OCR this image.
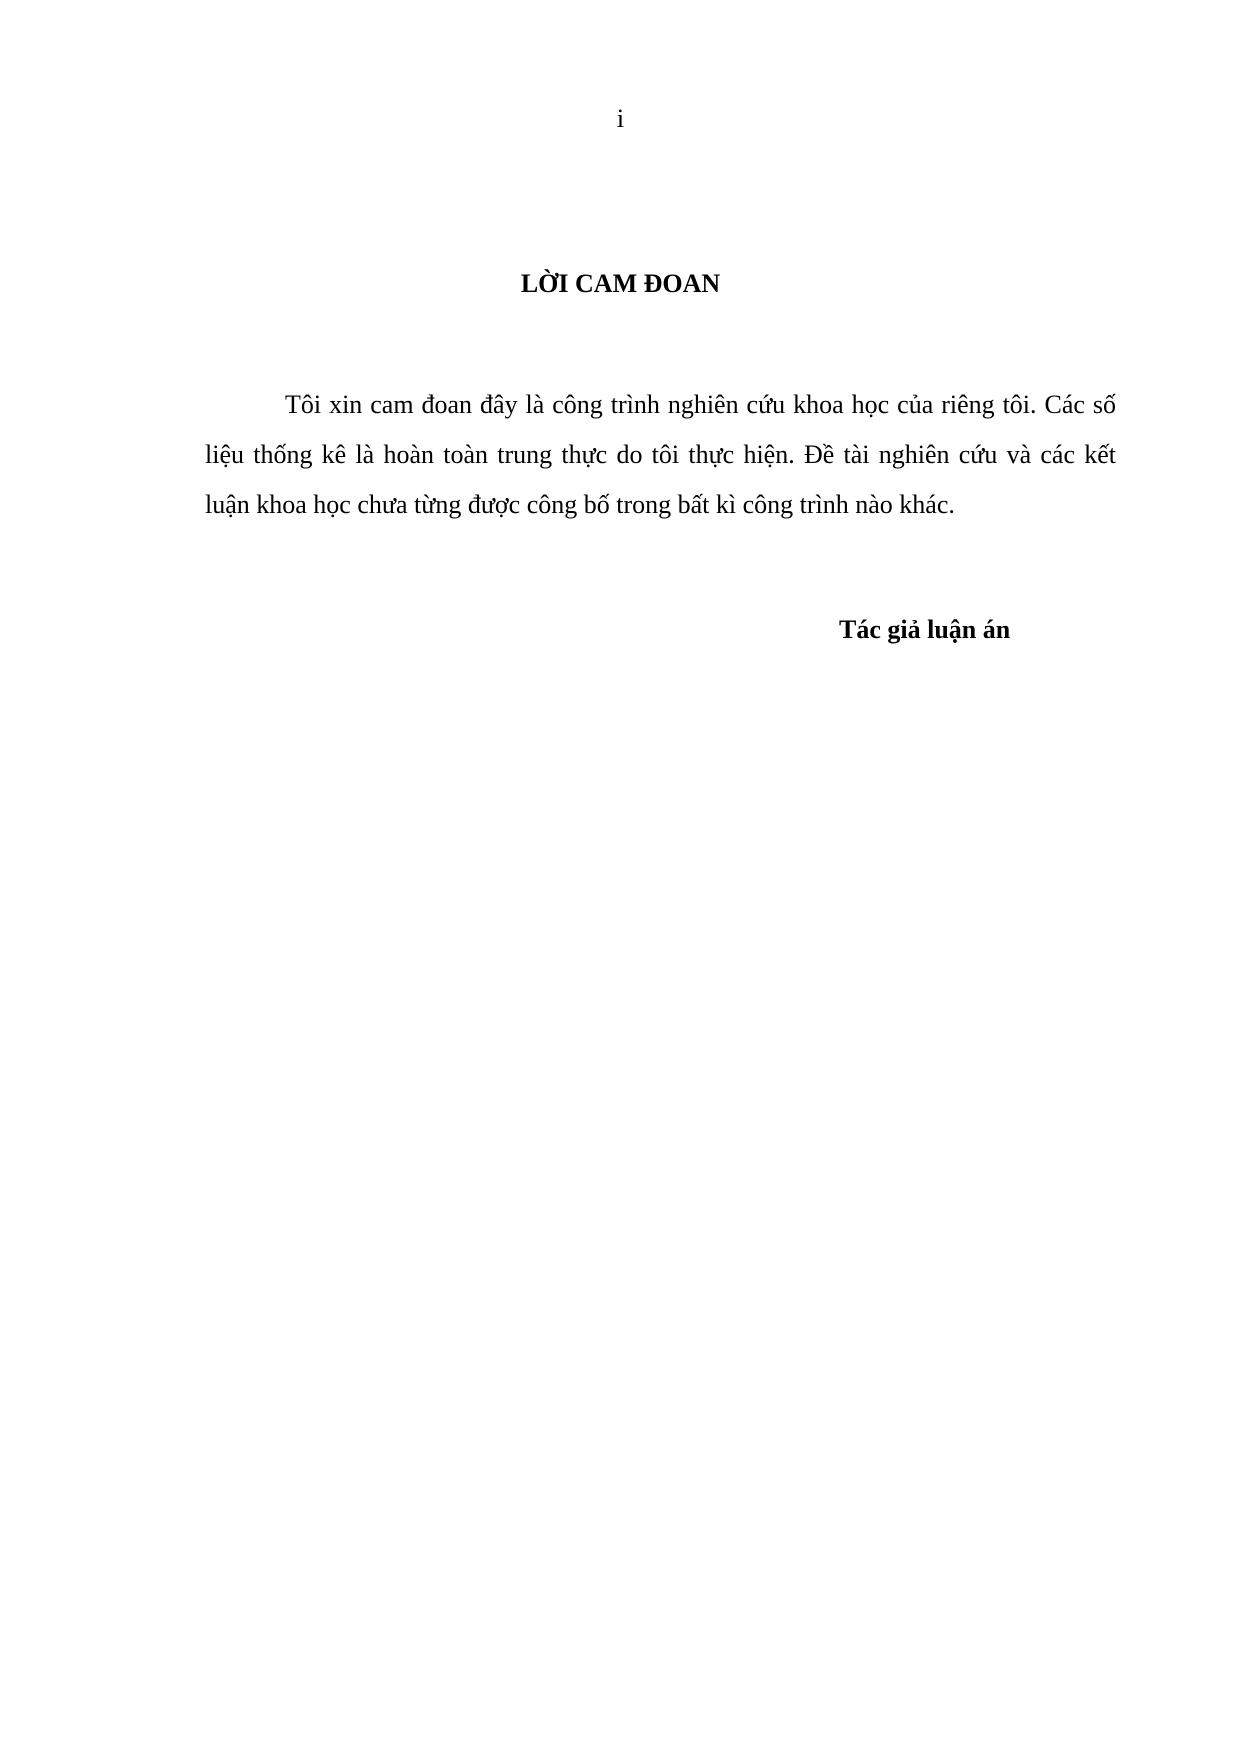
i
LỜI CAM ĐOAN

Tôi xin cam đoan đây là công trình nghiên cứu khoa học của riêng tôi. Các số liệu thống kê là hoàn toàn trung thực do tôi thực hiện. Đề tài nghiên cứu và các kết luận khoa học chưa từng được công bố trong bất kì công trình nào khác.

Tác giả luận án
